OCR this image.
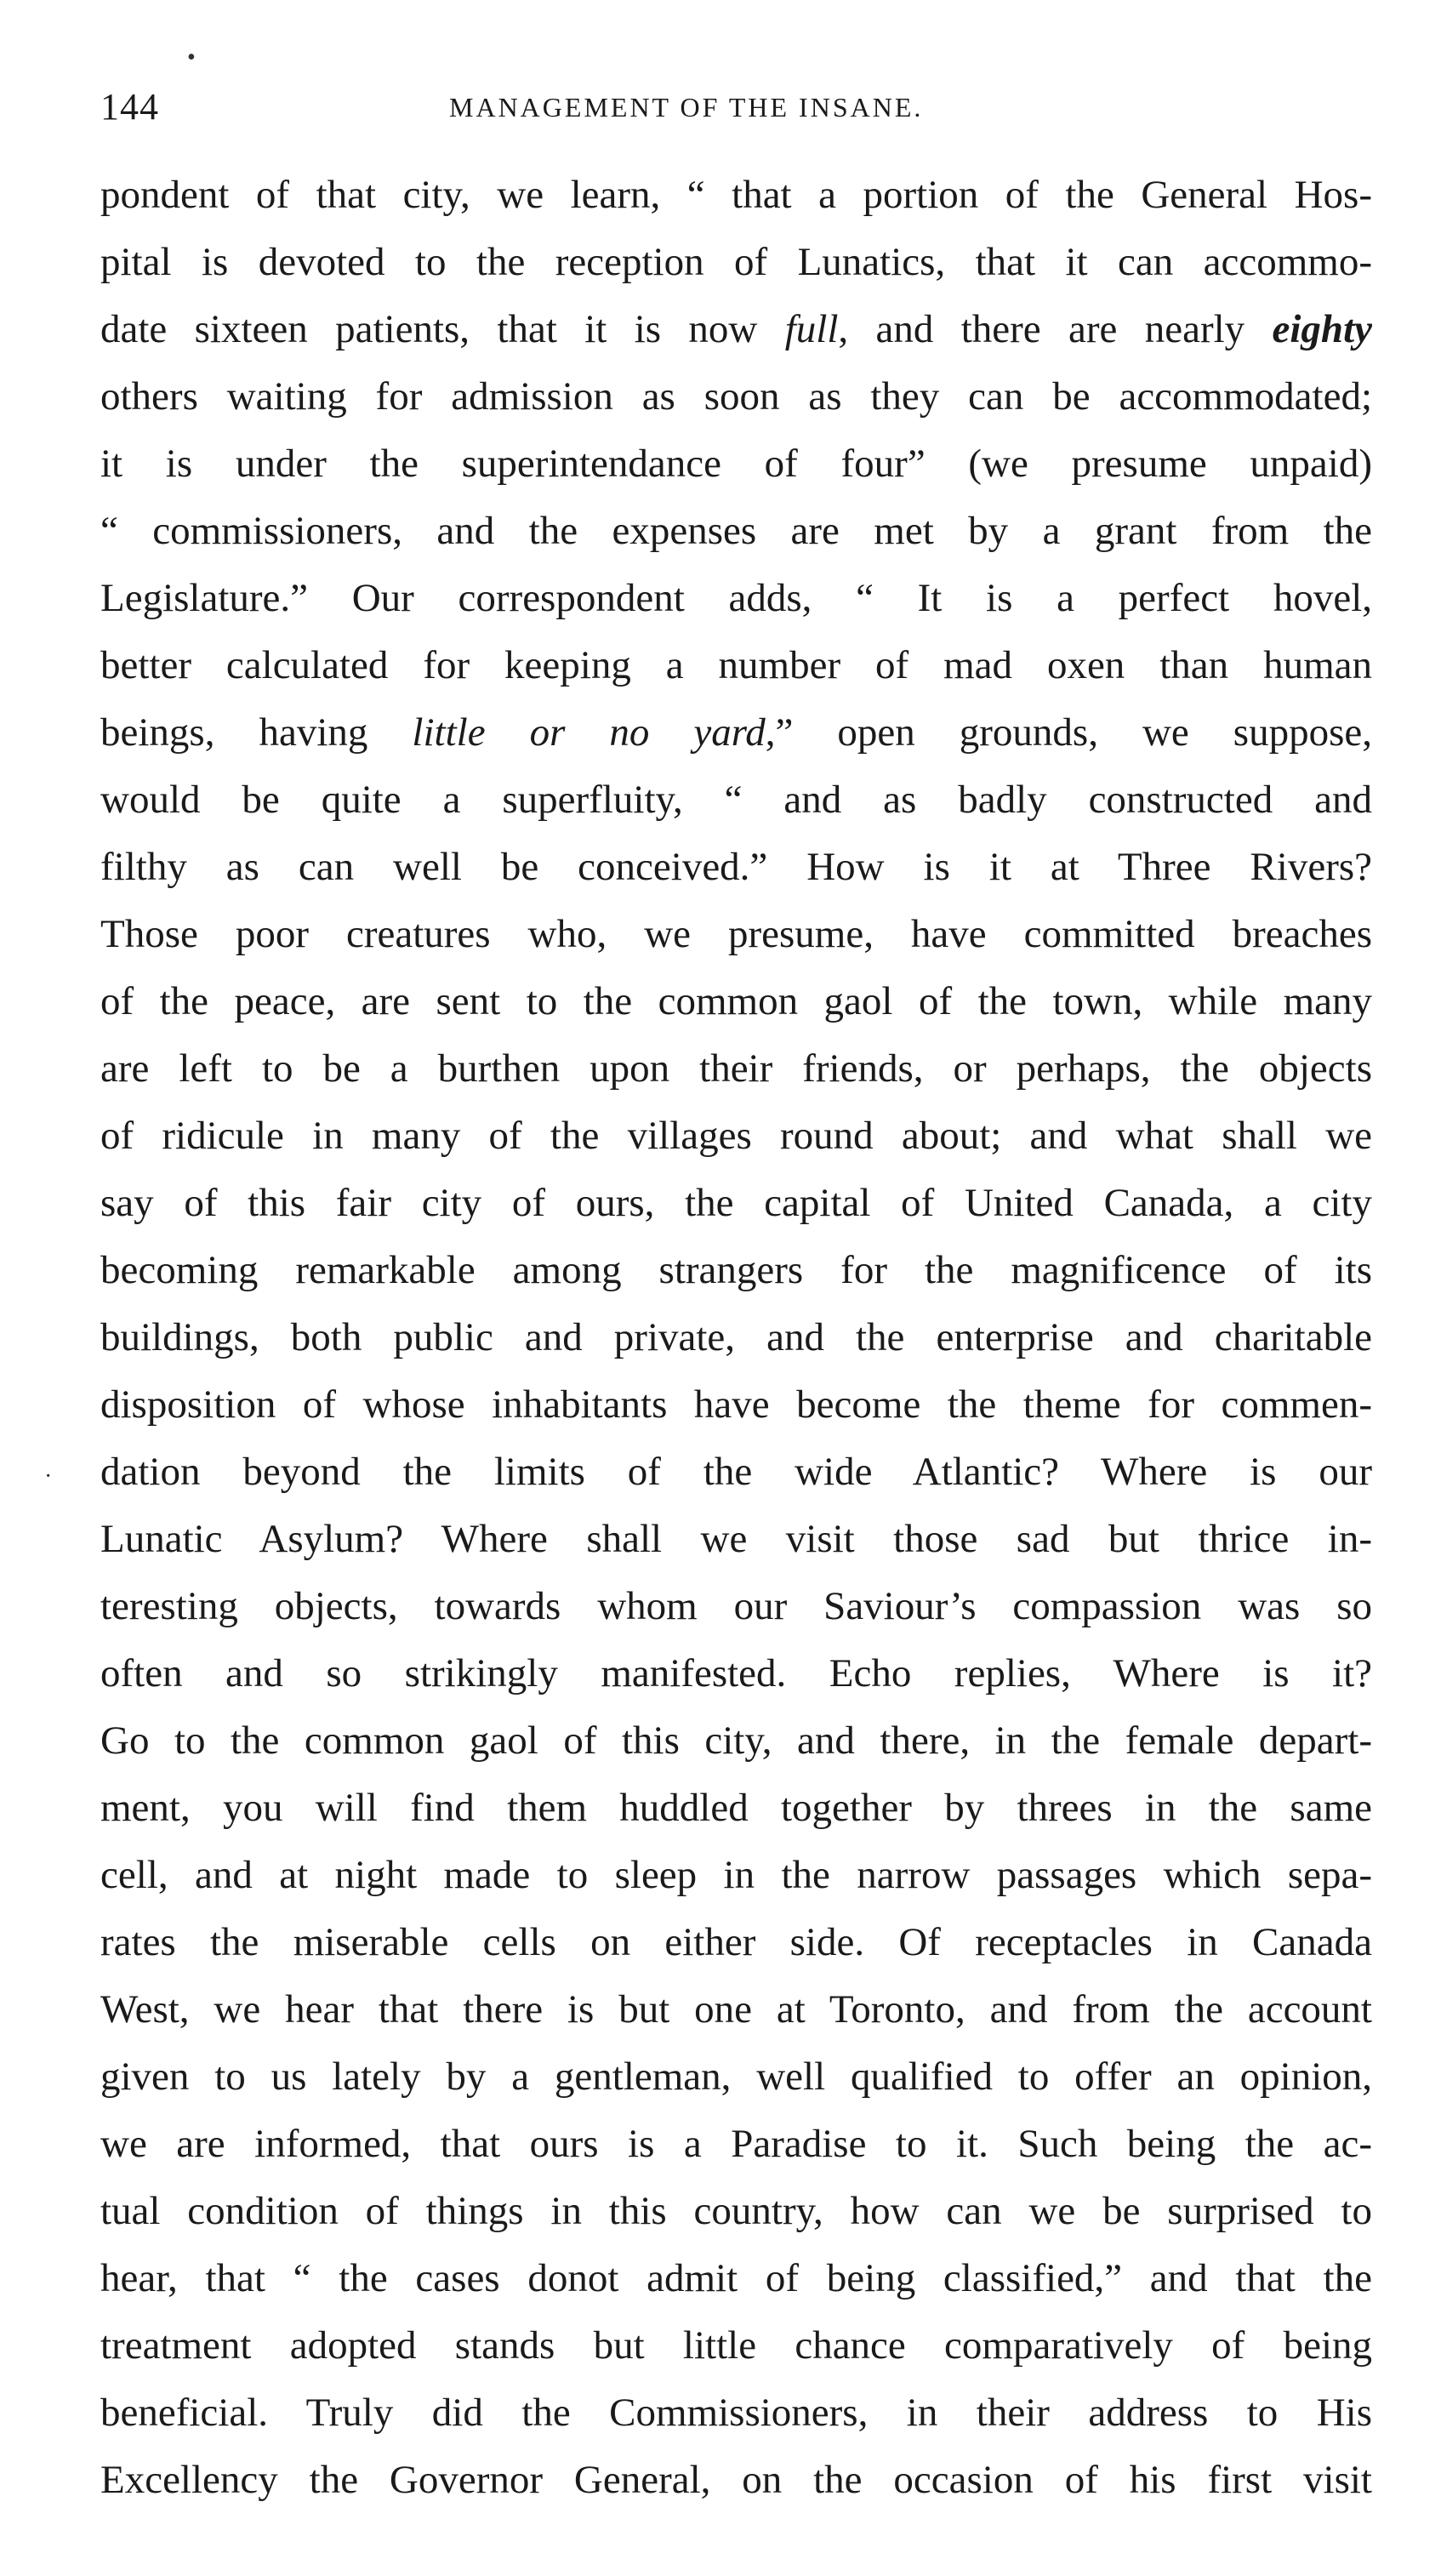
144	MANAGEMENT OF THE INSANE.
pondent of that city, we learn, “ that a portion of the General Hos-
pital is devoted to the reception of Lunatics, that it can accommo-
date sixteen patients, that it is now full, and there are nearly eighty
others waiting for admission as soon as they can be accommodated;
it is under the superintendance of four” (we presume unpaid)
“ commissioners, and the expenses are met by a grant from the
Legislature.” Our correspondent adds, “ It is a perfect hovel,
better calculated for keeping a number of mad oxen than human
beings, having little or no yard,” open grounds, we suppose,
would be quite a superfluity, “ and as badly constructed and
filthy as can well be conceived.” How is it at Three Rivers?
Those poor creatures who, we presume, have committed breaches
of the peace, are sent to the common gaol of the town, while many
are left to be a burthen upon their friends, or perhaps, the objects
of ridicule in many of the villages round about; and what shall we
say of this fair city of ours, the capital of United Canada, a city
becoming remarkable among strangers for the magnificence of its
buildings, both public and private, and the enterprise and charitable
disposition of whose inhabitants have become the theme for commen-
dation beyond the limits of the wide Atlantic? Where is our
Lunatic Asylum? Where shall we visit those sad but thrice in-
teresting objects, towards whom our Saviour’s compassion was so
often and so strikingly manifested. Echo replies, Where is it?
Go to the common gaol of this city, and there, in the female depart-
ment, you will find them huddled together by threes in the same
cell, and at night made to sleep in the narrow passages which sepa-
rates the miserable cells on either side. Of receptacles in Canada
West, we hear that there is but one at Toronto, and from the account
given to us lately by a gentleman, well qualified to offer an opinion,
we are informed, that ours is a Paradise to it. Such being the ac-
tual condition of things in this country, how can we be surprised to
hear, that “ the cases donot admit of being classified,” and that the
treatment adopted stands but little chance comparatively of being
beneficial. Truly did the Commissioners, in their address to His
Excellency the Governor General, on the occasion of his first visit
•
·
